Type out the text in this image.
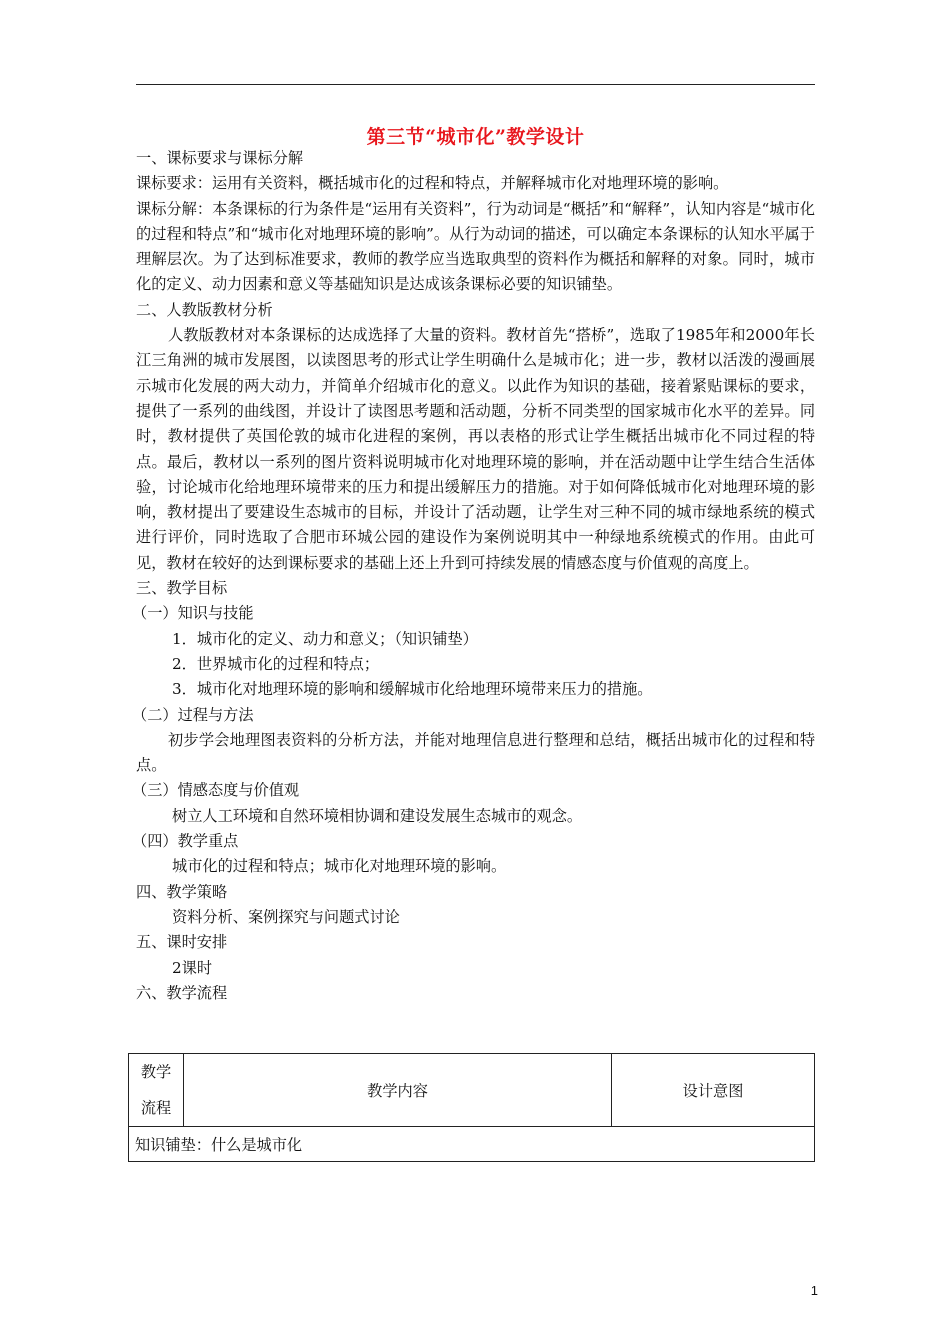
第三节“城市化”教学设计

一、课标要求与课标分解

课标要求：运用有关资料，概括城市化的过程和特点，并解释城市化对地理环境的影响。

课标分解：本条课标的行为条件是“运用有关资料”，行为动词是“概括”和“解释”，认知内容是“城市化的过程和特点”和“城市化对地理环境的影响”。从行为动词的描述，可以确定本条课标的认知水平属于理解层次。为了达到标准要求，教师的教学应当选取典型的资料作为概括和解释的对象。同时，城市化的定义、动力因素和意义等基础知识是达成该条课标必要的知识铺垫。

二、人教版教材分析

人教版教材对本条课标的达成选择了大量的资料。教材首先“搭桥”，选取了1985年和2000年长江三角洲的城市发展图，以读图思考的形式让学生明确什么是城市化；进一步，教材以活泼的漫画展示城市化发展的两大动力，并简单介绍城市化的意义。以此作为知识的基础，接着紧贴课标的要求，提供了一系列的曲线图，并设计了读图思考题和活动题，分析不同类型的国家城市化水平的差异。同时，教材提供了英国伦敦的城市化进程的案例，再以表格的形式让学生概括出城市化不同过程的特点。最后，教材以一系列的图片资料说明城市化对地理环境的影响，并在活动题中让学生结合生活体验，讨论城市化给地理环境带来的压力和提出缓解压力的措施。对于如何降低城市化对地理环境的影响，教材提出了要建设生态城市的目标，并设计了活动题，让学生对三种不同的城市绿地系统的模式进行评价，同时选取了合肥市环城公园的建设作为案例说明其中一种绿地系统模式的作用。由此可见，教材在较好的达到课标要求的基础上还上升到可持续发展的情感态度与价值观的高度上。

三、教学目标

（一）知识与技能

1．城市化的定义、动力和意义；（知识铺垫）

2．世界城市化的过程和特点；

3．城市化对地理环境的影响和缓解城市化给地理环境带来压力的措施。

（二）过程与方法

初步学会地理图表资料的分析方法，并能对地理信息进行整理和总结，概括出城市化的过程和特点。

（三）情感态度与价值观

树立人工环境和自然环境相协调和建设发展生态城市的观念。

（四）教学重点

城市化的过程和特点；城市化对地理环境的影响。

四、教学策略

资料分析、案例探究与问题式讨论

五、课时安排

2课时

六、教学流程

教学
流程
	教学内容	设计意图
知识铺垫：什么是城市化
1
